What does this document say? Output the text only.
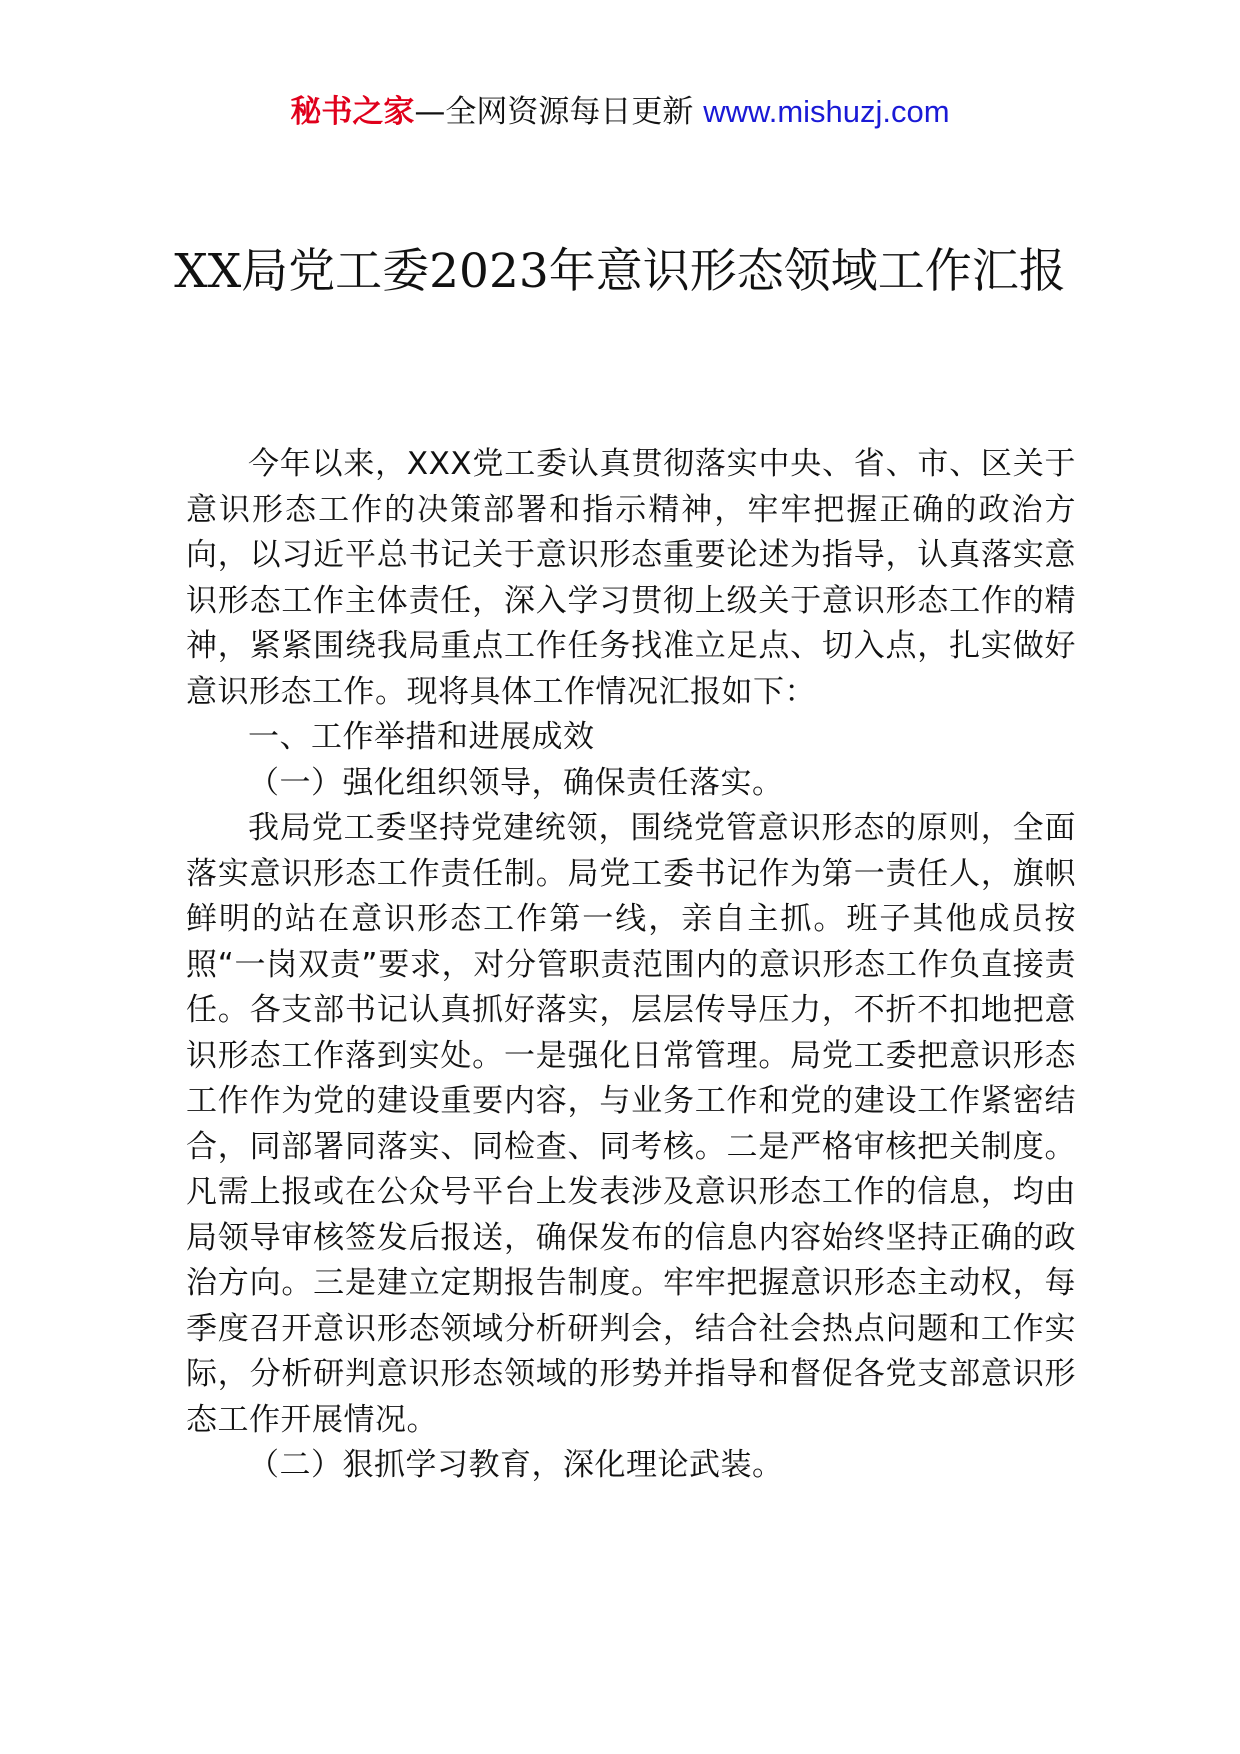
秘书之家—全网资源每日更新 www.mishuzj.com
XX局党工委2023年意识形态领域工作汇报

今年以来，XXX党工委认真贯彻落实中央、省、市、区关于意识形态工作的决策部署和指示精神，牢牢把握正确的政治方向，以习近平总书记关于意识形态重要论述为指导，认真落实意识形态工作主体责任，深入学习贯彻上级关于意识形态工作的精神，紧紧围绕我局重点工作任务找准立足点、切入点，扎实做好意识形态工作。现将具体工作情况汇报如下：

一、工作举措和进展成效

（一）强化组织领导，确保责任落实。

我局党工委坚持党建统领，围绕党管意识形态的原则，全面落实意识形态工作责任制。局党工委书记作为第一责任人，旗帜鲜明的站在意识形态工作第一线，亲自主抓。班子其他成员按照“一岗双责”要求，对分管职责范围内的意识形态工作负直接责任。各支部书记认真抓好落实，层层传导压力，不折不扣地把意识形态工作落到实处。一是强化日常管理。局党工委把意识形态工作作为党的建设重要内容，与业务工作和党的建设工作紧密结合，同部署同落实、同检查、同考核。二是严格审核把关制度。凡需上报或在公众号平台上发表涉及意识形态工作的信息，均由局领导审核签发后报送，确保发布的信息内容始终坚持正确的政治方向。三是建立定期报告制度。牢牢把握意识形态主动权，每季度召开意识形态领域分析研判会，结合社会热点问题和工作实际，分析研判意识形态领域的形势并指导和督促各党支部意识形态工作开展情况。

（二）狠抓学习教育，深化理论武装。
